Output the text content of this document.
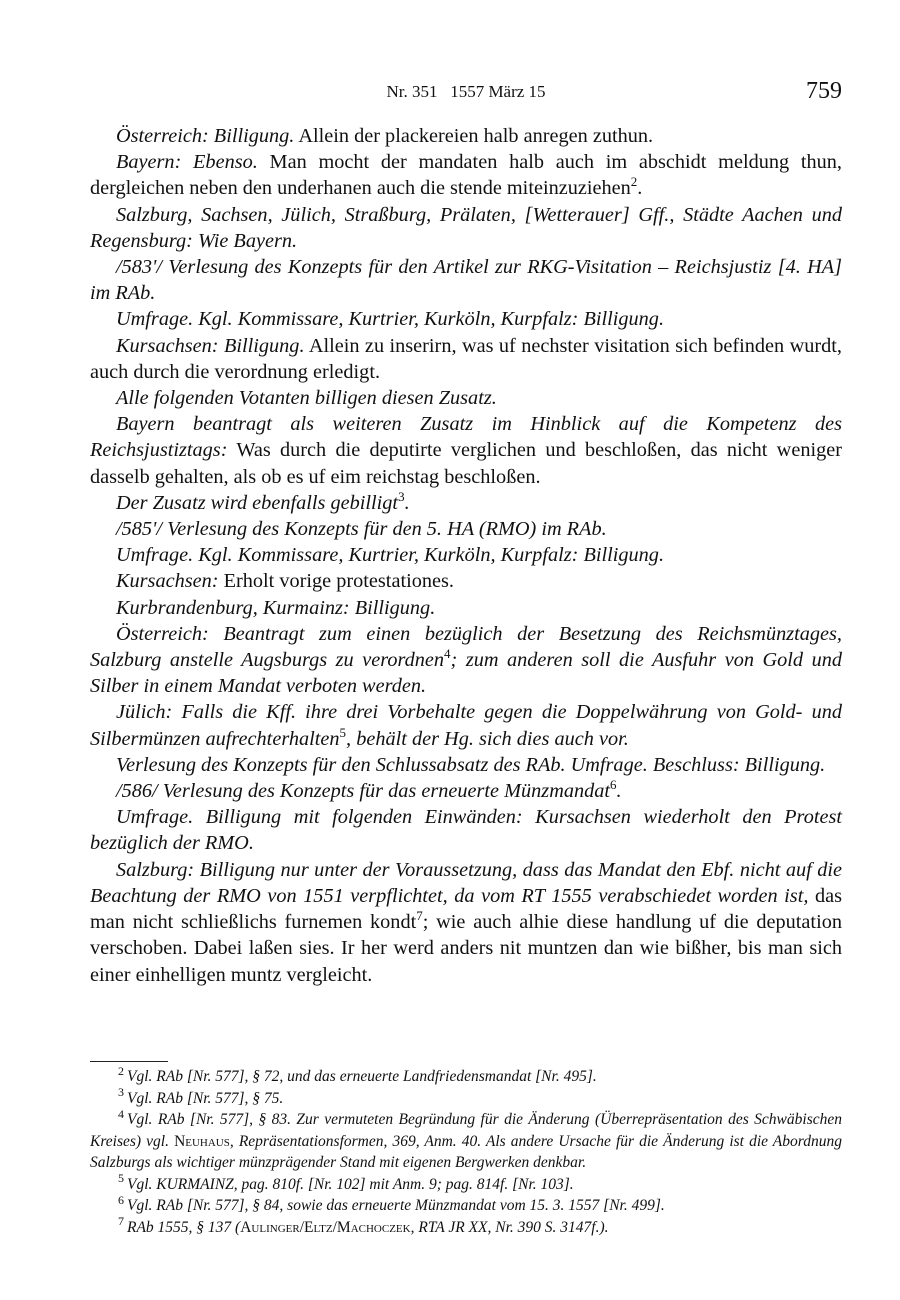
Nr. 351   1557 März 15	759

Österreich: Billigung. Allein der plackereien halb anregen zuthun.

Bayern: Ebenso. Man mocht der mandaten halb auch im abschidt meldung thun, dergleichen neben den underhanen auch die stende miteinzuziehen$^2$.

Salzburg, Sachsen, Jülich, Straßburg, Prälaten, [Wetterauer] Gff., Städte Aachen und Regensburg: Wie Bayern.

/583'/ Verlesung des Konzepts für den Artikel zur RKG-Visitation – Reichsjustiz [4. HA] im RAb.

Umfrage. Kgl. Kommissare, Kurtrier, Kurköln, Kurpfalz: Billigung.

Kursachsen: Billigung. Allein zu inserirn, was uf nechster visitation sich befinden wurdt, auch durch die verordnung erledigt.

Alle folgenden Votanten billigen diesen Zusatz.

Bayern beantragt als weiteren Zusatz im Hinblick auf die Kompetenz des Reichsjustiztags: Was durch die deputirte verglichen und beschloßen, das nicht weniger dasselb gehalten, als ob es uf eim reichstag beschloßen.

Der Zusatz wird ebenfalls gebilligt$^3$.

/585'/ Verlesung des Konzepts für den 5. HA (RMO) im RAb.

Umfrage. Kgl. Kommissare, Kurtrier, Kurköln, Kurpfalz: Billigung.

Kursachsen: Erholt vorige protestationes.

Kurbrandenburg, Kurmainz: Billigung.

Österreich: Beantragt zum einen bezüglich der Besetzung des Reichsmünztages, Salzburg anstelle Augsburgs zu verordnen$^4$; zum anderen soll die Ausfuhr von Gold und Silber in einem Mandat verboten werden.

Jülich: Falls die Kff. ihre drei Vorbehalte gegen die Doppelwährung von Gold- und Silbermünzen aufrechterhalten$^5$, behält der Hg. sich dies auch vor.

Verlesung des Konzepts für den Schlussabsatz des RAb. Umfrage. Beschluss: Billigung.

/586/ Verlesung des Konzepts für das erneuerte Münzmandat$^6$.

Umfrage. Billigung mit folgenden Einwänden: Kursachsen wiederholt den Protest bezüglich der RMO.

Salzburg: Billigung nur unter der Voraussetzung, dass das Mandat den Ebf. nicht auf die Beachtung der RMO von 1551 verpflichtet, da vom RT 1555 verabschiedet worden ist, das man nicht schließlichs furnemen kondt$^7$; wie auch alhie diese handlung uf die deputation verschoben. Dabei laßen sies. Ir her werd anders nit muntzen dan wie bißher, bis man sich einer einhelligen muntz vergleicht.

$^2$ Vgl. RAb [Nr. 577], § 72, und das erneuerte Landfriedensmandat [Nr. 495].

$^3$ Vgl. RAb [Nr. 577], § 75.

$^4$ Vgl. RAb [Nr. 577], § 83. Zur vermuteten Begründung für die Änderung (Überrepräsentation des Schwäbischen Kreises) vgl. Neuhaus, Repräsentationsformen, 369, Anm. 40. Als andere Ursache für die Änderung ist die Abordnung Salzburgs als wichtiger münzprägender Stand mit eigenen Bergwerken denkbar.

$^5$ Vgl. KURMAINZ, pag. 810f. [Nr. 102] mit Anm. 9; pag. 814f. [Nr. 103].

$^6$ Vgl. RAb [Nr. 577], § 84, sowie das erneuerte Münzmandat vom 15. 3. 1557 [Nr. 499].

$^7$ RAb 1555, § 137 (Aulinger/Eltz/Machoczek, RTA JR XX, Nr. 390 S. 3147f.).
